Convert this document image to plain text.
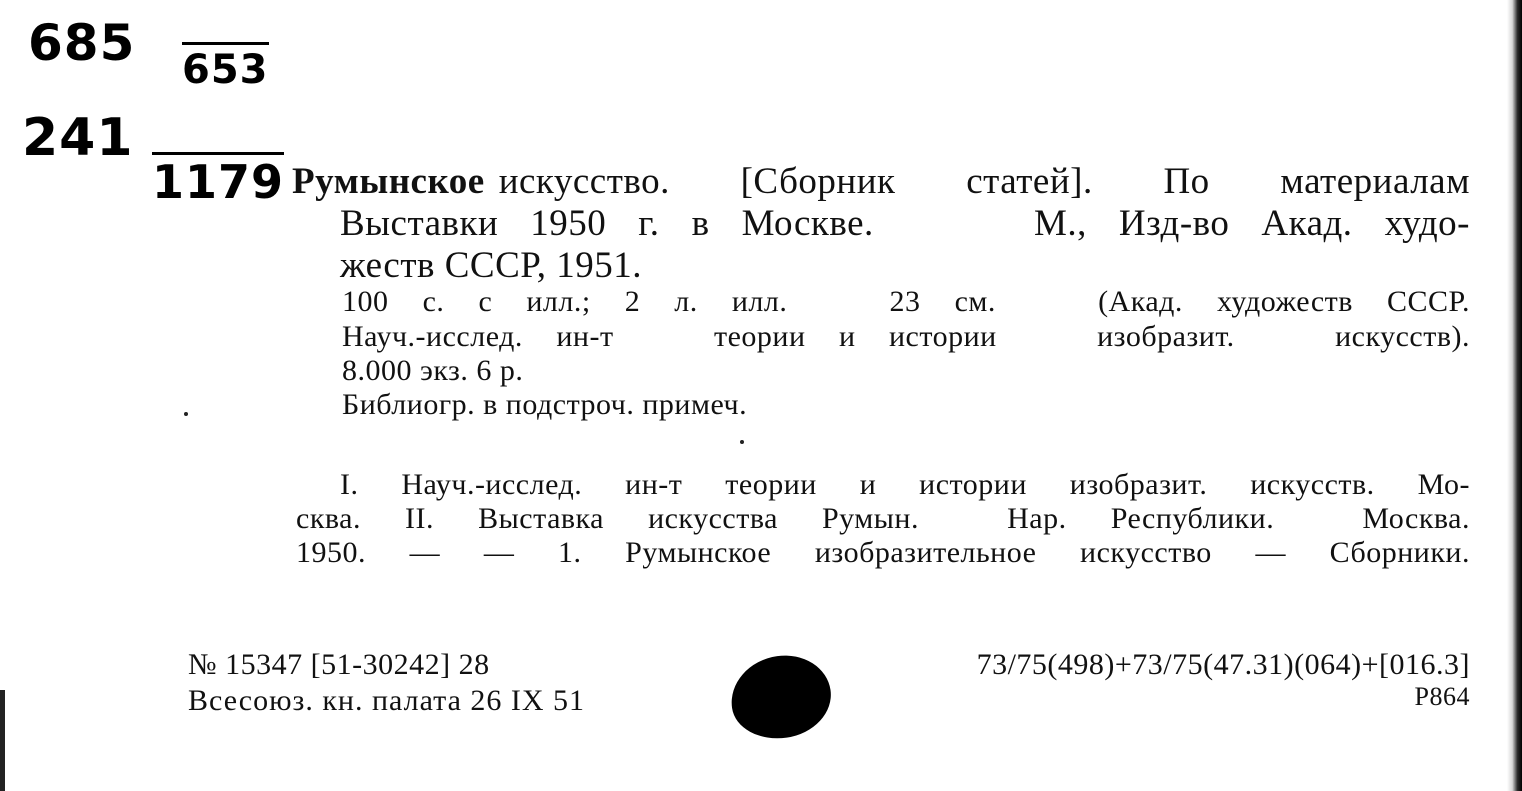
685 653
241
1179 Румынское искусство. [Сборник статей]. По материалам
Выставки 1950 г. в Москве.     М., Изд-во Акад. худо-
жеств СССР, 1951.
100 с. с илл.; 2 л. илл.   23 см.   (Акад. художеств СССР.
Науч.-исслед. ин-т   теории и истории   изобразит.   искусств).
8.000 экз. 6 р.
Библиогр. в подстроч. примеч.
I. Науч.-исслед. ин-т теории и истории изобразит. искусств. Мо-
сква. II. Выставка искусства Румын.  Нар. Республики.  Москва.
1950. — — 1. Румынское изобразительное искусство — Сборники.
№ 15347 [51-30242] 28
Всесоюз. кн. палата 26 IX 51
73/75(498)+73/75(47.31)(064)+[016.3]
Р864
